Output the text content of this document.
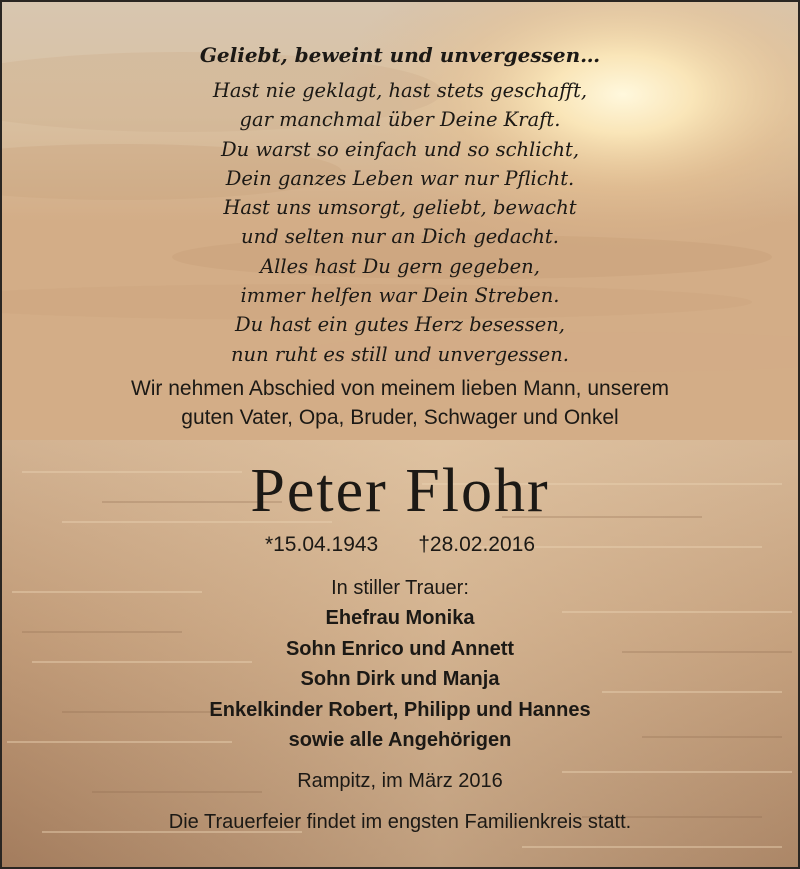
Geliebt, beweint und unvergessen…
Hast nie geklagt, hast stets geschafft,
gar manchmal über Deine Kraft.
Du warst so einfach und so schlicht,
Dein ganzes Leben war nur Pflicht.
Hast uns umsorgt, geliebt, bewacht
und selten nur an Dich gedacht.
Alles hast Du gern gegeben,
immer helfen war Dein Streben.
Du hast ein gutes Herz besessen,
nun ruht es still und unvergessen.
Wir nehmen Abschied von meinem lieben Mann, unserem
guten Vater, Opa, Bruder, Schwager und Onkel
Peter Flohr
*15.04.1943 †28.02.2016
In stiller Trauer:
Ehefrau Monika
Sohn Enrico und Annett
Sohn Dirk und Manja
Enkelkinder Robert, Philipp und Hannes
sowie alle Angehörigen
Rampitz, im März 2016
Die Trauerfeier findet im engsten Familienkreis statt.
